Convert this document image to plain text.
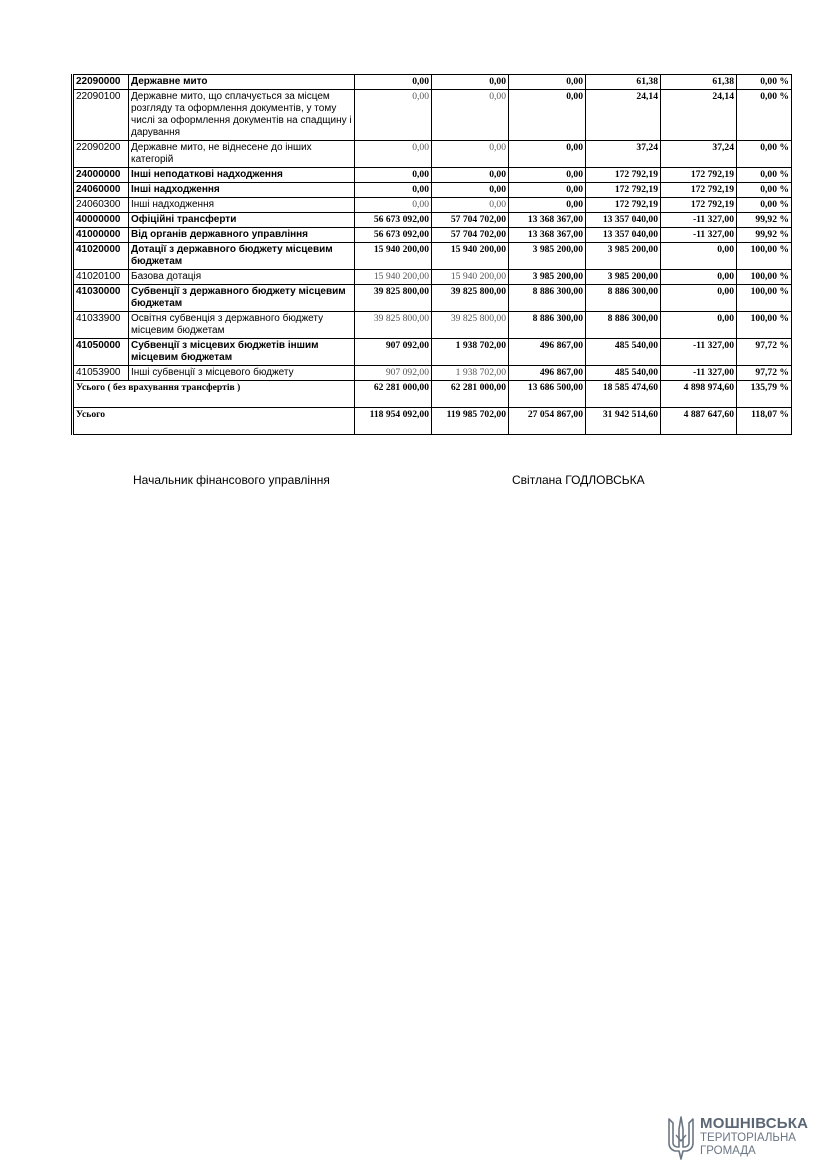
22090000	Державне мито	0,00	0,00	0,00	61,38	61,38	0,00 %
22090100	Державне мито, що сплачується за місцем розгляду та оформлення документів, у тому числі за оформлення документів на спадщину і дарування	0,00	0,00	0,00	24,14	24,14	0,00 %
22090200	Державне мито, не віднесене до інших категорій	0,00	0,00	0,00	37,24	37,24	0,00 %
24000000	Інші неподаткові надходження	0,00	0,00	0,00	172 792,19	172 792,19	0,00 %
24060000	Інші надходження	0,00	0,00	0,00	172 792,19	172 792,19	0,00 %
24060300	Інші надходження	0,00	0,00	0,00	172 792,19	172 792,19	0,00 %
40000000	Офіційні трансферти	56 673 092,00	57 704 702,00	13 368 367,00	13 357 040,00	-11 327,00	99,92 %
41000000	Від органів державного управління	56 673 092,00	57 704 702,00	13 368 367,00	13 357 040,00	-11 327,00	99,92 %
41020000	Дотації з державного бюджету місцевим бюджетам	15 940 200,00	15 940 200,00	3 985 200,00	3 985 200,00	0,00	100,00 %
41020100	Базова дотація	15 940 200,00	15 940 200,00	3 985 200,00	3 985 200,00	0,00	100,00 %
41030000	Субвенції з державного бюджету місцевим бюджетам	39 825 800,00	39 825 800,00	8 886 300,00	8 886 300,00	0,00	100,00 %
41033900	Освітня субвенція з державного бюджету місцевим бюджетам	39 825 800,00	39 825 800,00	8 886 300,00	8 886 300,00	0,00	100,00 %
41050000	Субвенції з місцевих бюджетів іншим місцевим бюджетам	907 092,00	1 938 702,00	496 867,00	485 540,00	-11 327,00	97,72 %
41053900	Інші субвенції з місцевого бюджету	907 092,00	1 938 702,00	496 867,00	485 540,00	-11 327,00	97,72 %
Усього ( без врахування трансфертів )		62 281 000,00	62 281 000,00	13 686 500,00	18 585 474,60	4 898 974,60	135,79 %
Усього		118 954 092,00	119 985 702,00	27 054 867,00	31 942 514,60	4 887 647,60	118,07 %
Начальник фінансового управління	Світлана ГОДЛОВСЬКА
МОШНІВСЬКА
ТЕРИТОРІАЛЬНА
ГРОМАДА
